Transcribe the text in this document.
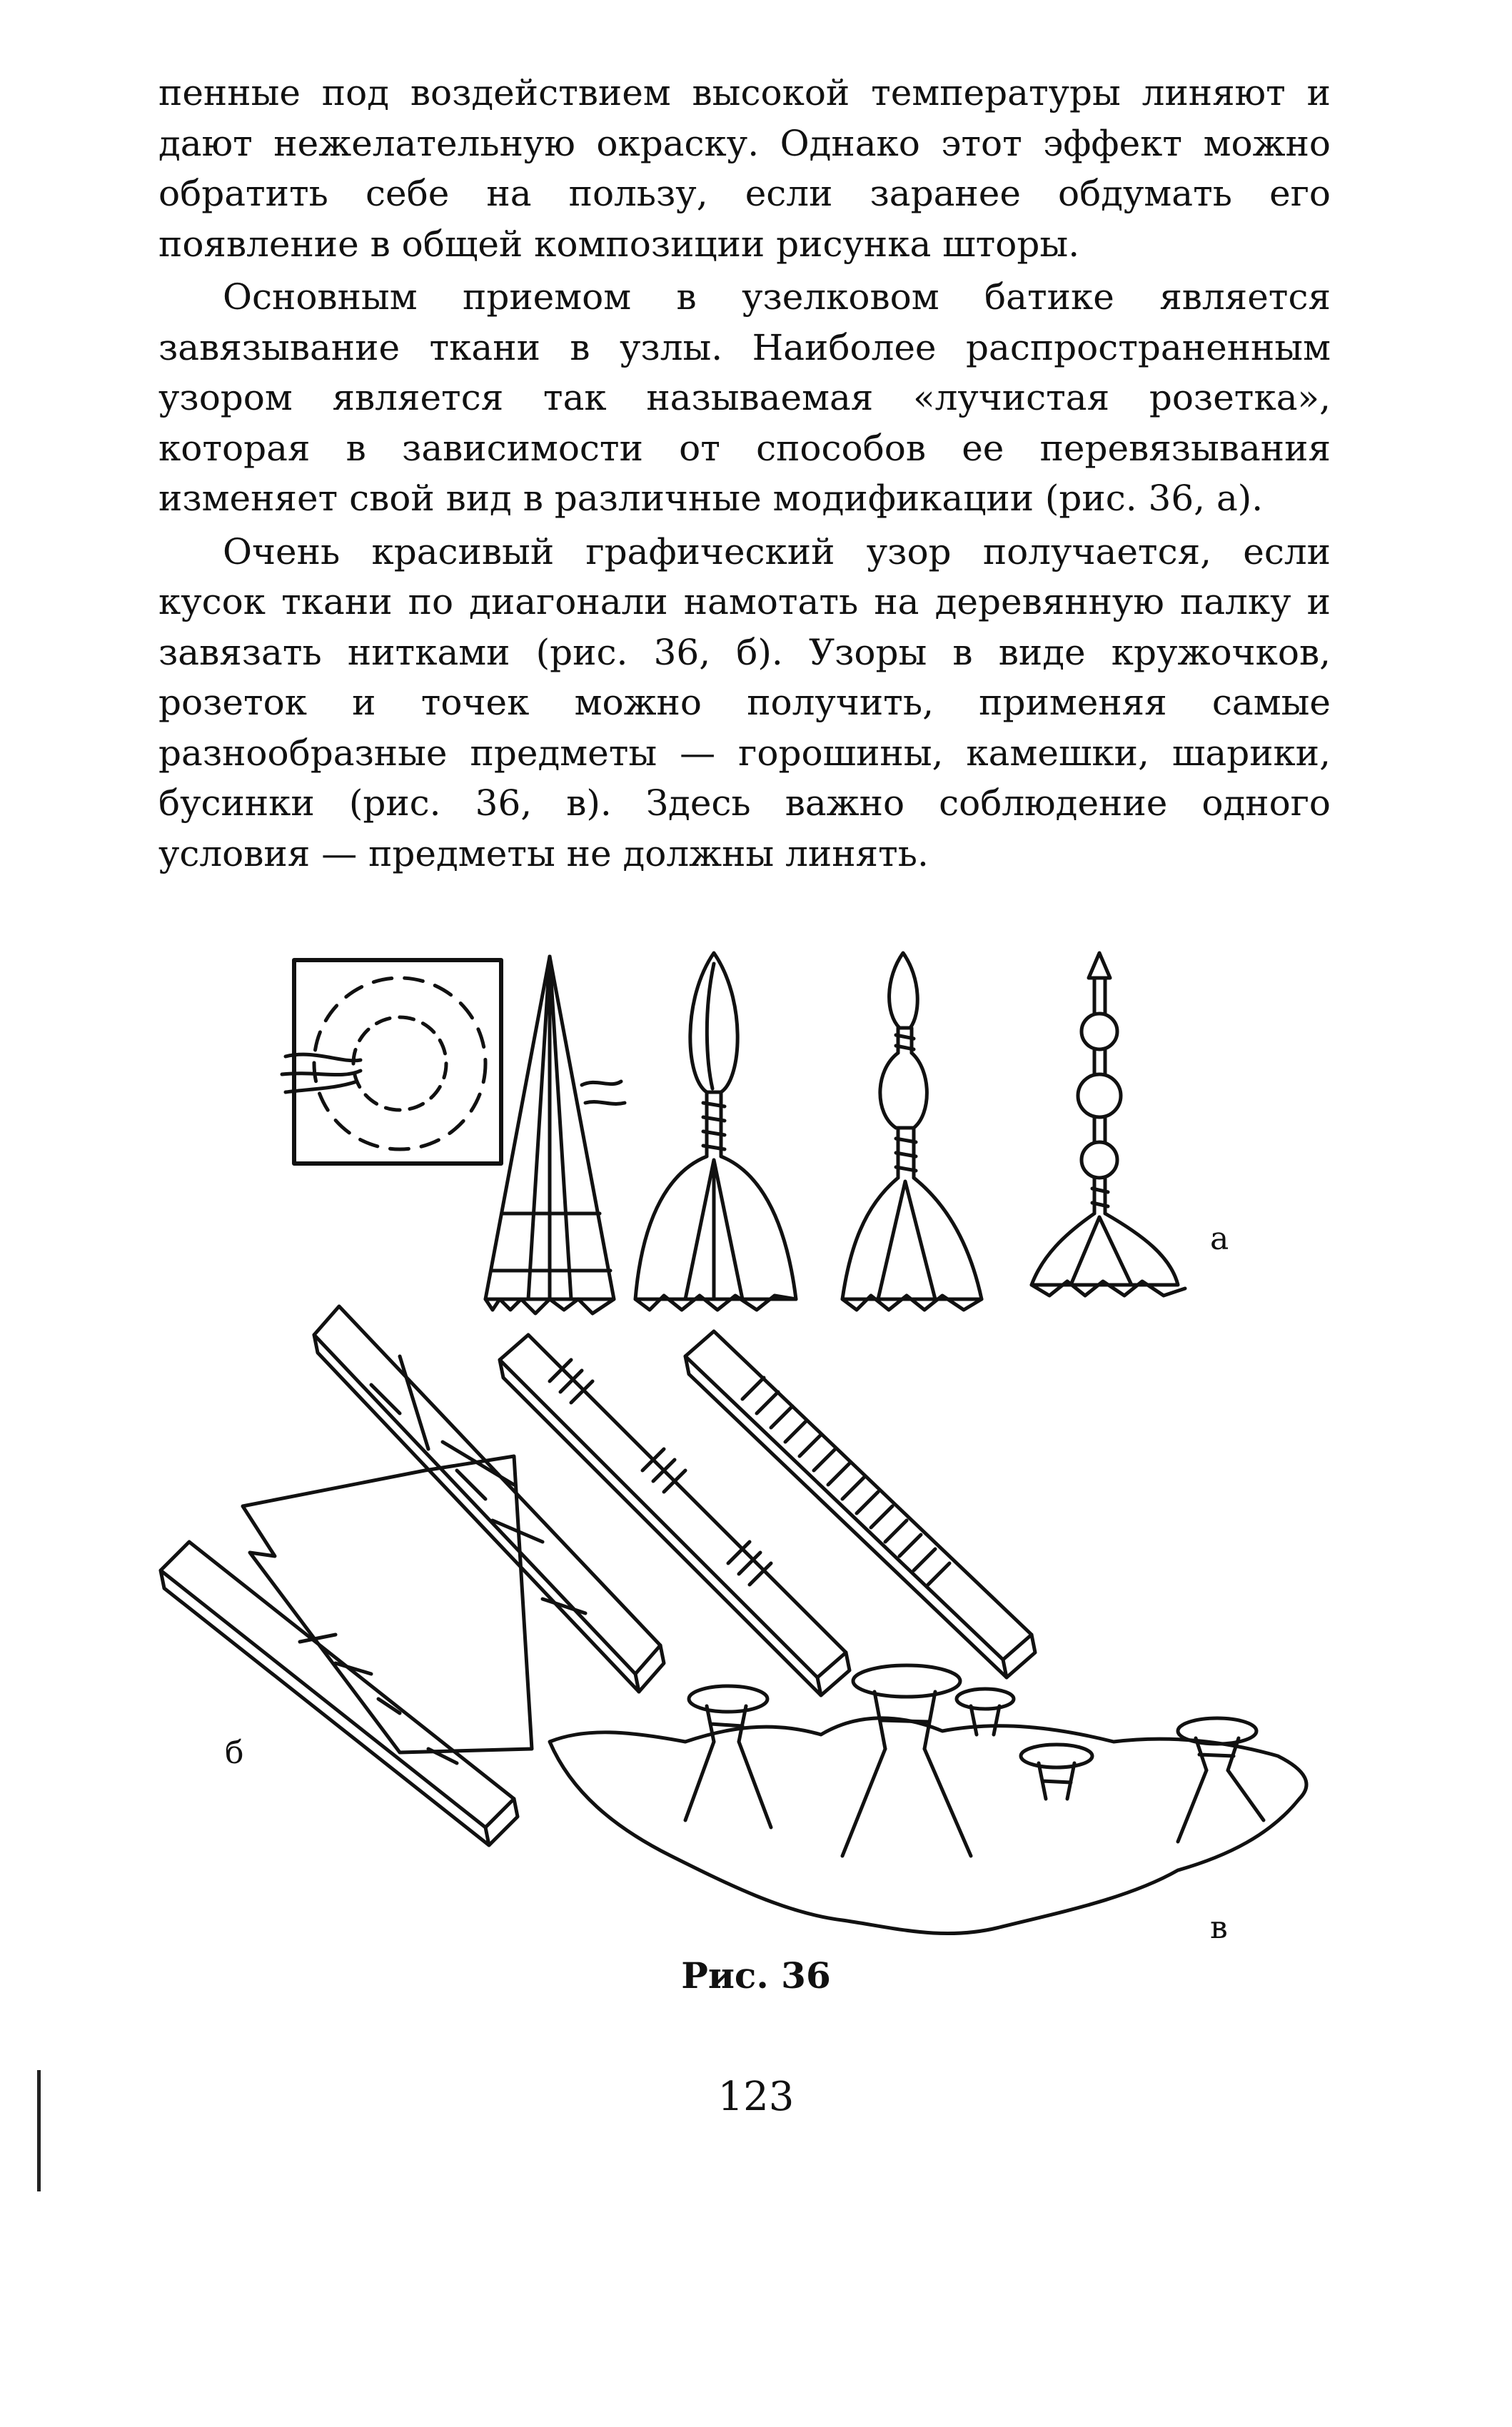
пенные под воздействием высокой температуры линяют и дают нежелательную окраску. Однако этот эффект можно обратить себе на пользу, если заранее обдумать его появление в общей композиции рисунка шторы.

Основным приемом в узелковом батике является завязывание ткани в узлы. Наиболее распространенным узором является так называемая «лучистая розетка», которая в зависимости от способов ее перевязывания изменяет свой вид в различные модификации (рис. 36, а).

Очень красивый графический узор получается, если кусок ткани по диагонали намотать на деревянную палку и завязать нитками (рис. 36, б). Узоры в виде кружочков, розеток и точек можно получить, применяя самые разнообразные предметы — горошины, камешки, шарики, бусинки (рис. 36, в). Здесь важно соблюдение одного условия — предметы не должны линять.

а
б
в
Рис. 36
123
